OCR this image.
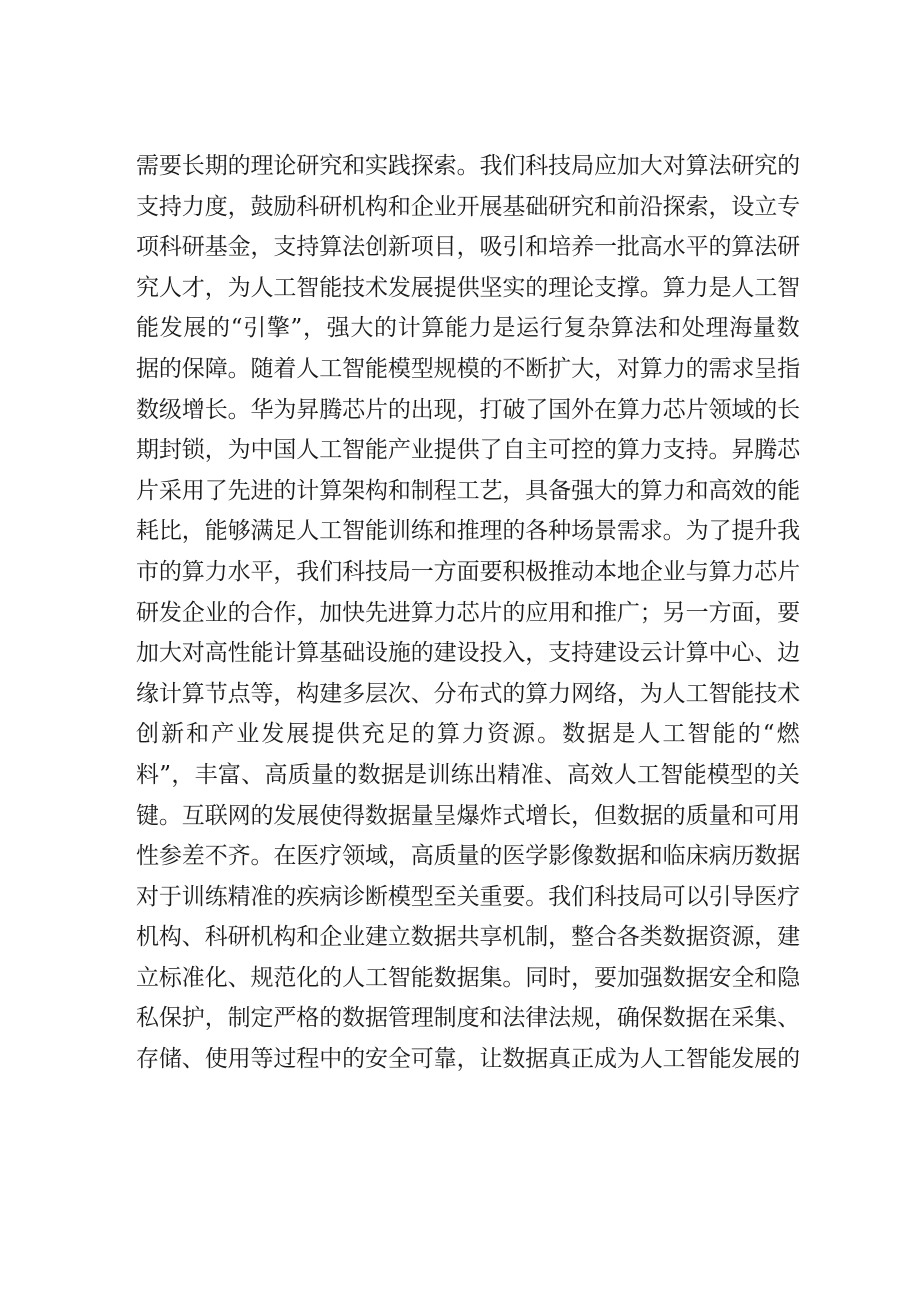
需要长期的理论研究和实践探索。我们科技局应加大对算法研究的
支持力度，鼓励科研机构和企业开展基础研究和前沿探索，设立专
项科研基金，支持算法创新项目，吸引和培养一批高水平的算法研
究人才，为人工智能技术发展提供坚实的理论支撑。算力是人工智
能发展的“引擎”，强大的计算能力是运行复杂算法和处理海量数
据的保障。随着人工智能模型规模的不断扩大，对算力的需求呈指
数级增长。华为昇腾芯片的出现，打破了国外在算力芯片领域的长
期封锁，为中国人工智能产业提供了自主可控的算力支持。昇腾芯
片采用了先进的计算架构和制程工艺，具备强大的算力和高效的能
耗比，能够满足人工智能训练和推理的各种场景需求。为了提升我
市的算力水平，我们科技局一方面要积极推动本地企业与算力芯片
研发企业的合作，加快先进算力芯片的应用和推广；另一方面，要
加大对高性能计算基础设施的建设投入，支持建设云计算中心、边
缘计算节点等，构建多层次、分布式的算力网络，为人工智能技术
创新和产业发展提供充足的算力资源。数据是人工智能的“燃
料”，丰富、高质量的数据是训练出精准、高效人工智能模型的关
键。互联网的发展使得数据量呈爆炸式增长，但数据的质量和可用
性参差不齐。在医疗领域，高质量的医学影像数据和临床病历数据
对于训练精准的疾病诊断模型至关重要。我们科技局可以引导医疗
机构、科研机构和企业建立数据共享机制，整合各类数据资源，建
立标准化、规范化的人工智能数据集。同时，要加强数据安全和隐
私保护，制定严格的数据管理制度和法律法规，确保数据在采集、
存储、使用等过程中的安全可靠，让数据真正成为人工智能发展的
